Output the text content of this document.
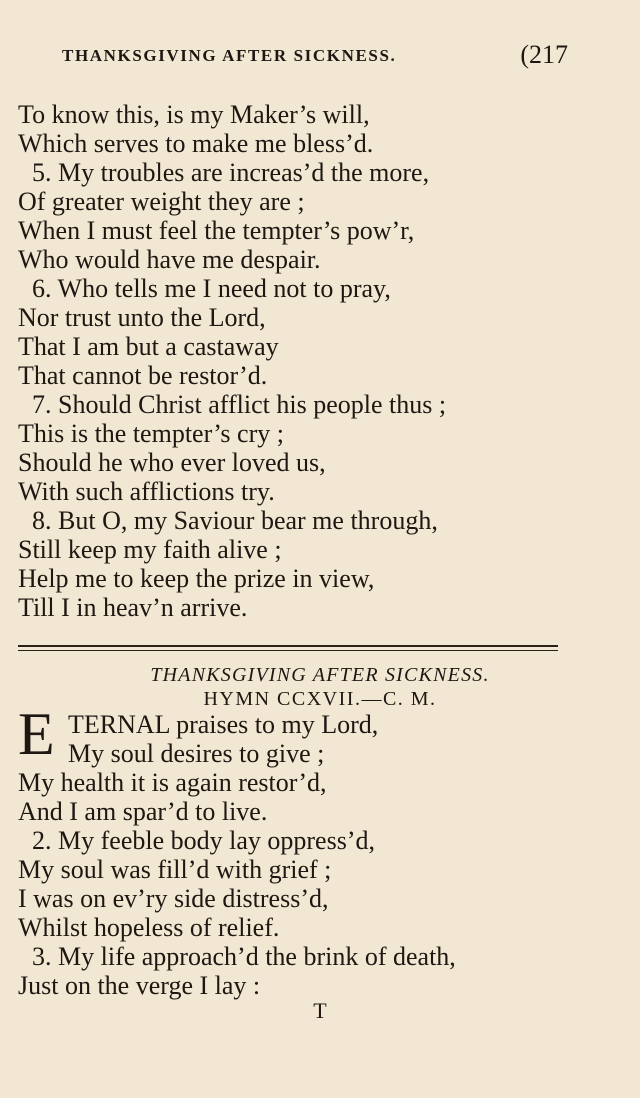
THANKSGIVING AFTER SICKNESS.	(217
To know this, is my Maker’s will,
Which serves to make me bless’d.
5. My troubles are increas’d the more,
Of greater weight they are ;
When I must feel the tempter’s pow’r,
Who would have me despair.
6. Who tells me I need not to pray,
Nor trust unto the Lord,
That I am but a castaway
That cannot be restor’d.
7. Should Christ afflict his people thus ;
This is the tempter’s cry ;
Should he who ever loved us,
With such afflictions try.
8. But O, my Saviour bear me through,
Still keep my faith alive ;
Help me to keep the prize in view,
Till I in heav’n arrive.
THANKSGIVING AFTER SICKNESS.
HYMN CCXVII.—C. M.
E TERNAL praises to my Lord,
My soul desires to give ;
My health it is again restor’d,
And I am spar’d to live.
2. My feeble body lay oppress’d,
My soul was fill’d with grief ;
I was on ev’ry side distress’d,
Whilst hopeless of relief.
3. My life approach’d the brink of death,
Just on the verge I lay :
T
